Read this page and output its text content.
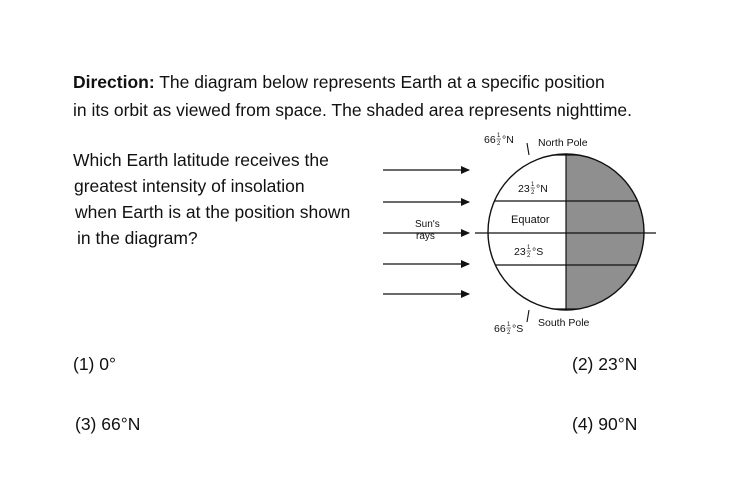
Direction: The diagram below represents Earth at a specific position
in its orbit as viewed from space. The shaded area represents nighttime.
Which Earth latitude receives the
greatest intensity of insolation
when Earth is at the position shown
in the diagram?
Sun's
rays
66 1
2 °N North Pole
23 1
2 °N
Equator
23 1
2 °S
66 1
2 °S South Pole
(1) 0°	(2) 23°N
(3) 66°N	(4) 90°N
